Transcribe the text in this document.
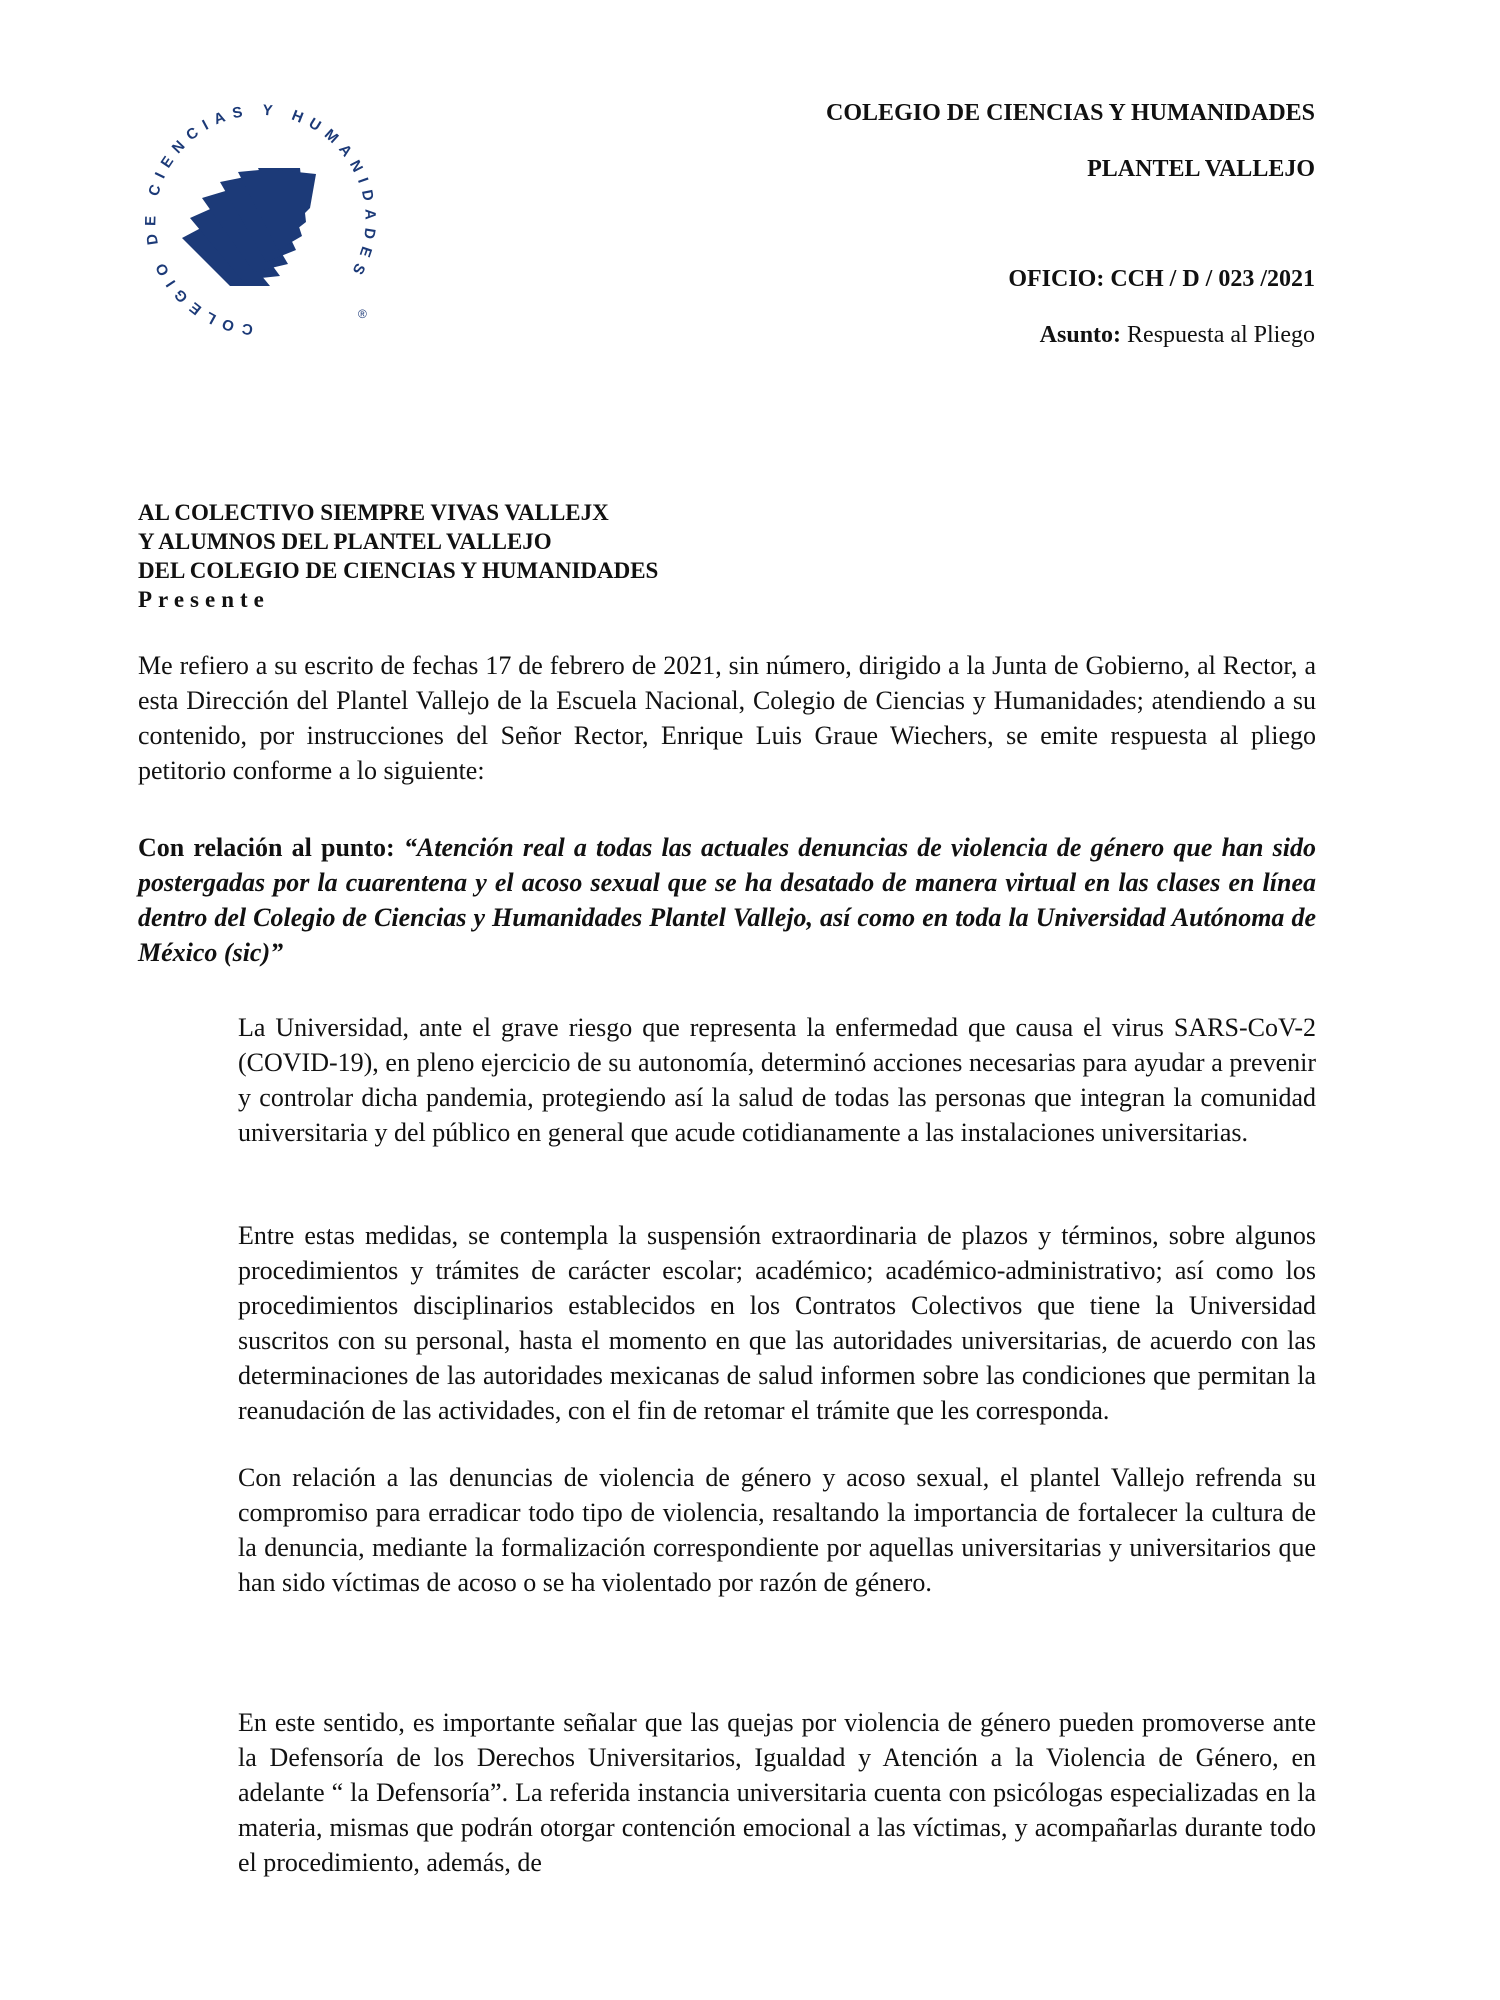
COLEGIO DE CIENCIAS Y HUMANIDADES
®
COLEGIO DE CIENCIAS Y HUMANIDADES
PLANTEL VALLEJO
OFICIO: CCH / D / 023 /2021
Asunto: Respuesta al Pliego
AL COLECTIVO SIEMPRE VIVAS VALLEJX
Y ALUMNOS DEL PLANTEL VALLEJO
DEL COLEGIO DE CIENCIAS Y HUMANIDADES
Presente
Me refiero a su escrito de fechas 17 de febrero de 2021, sin número, dirigido a la Junta de Gobierno, al Rector, a esta Dirección del Plantel Vallejo de la Escuela Nacional, Colegio de Ciencias y Humanidades; atendiendo a su contenido, por instrucciones del Señor Rector, Enrique Luis Graue Wiechers, se emite respuesta al pliego petitorio conforme a lo siguiente:
Con relación al punto: “Atención real a todas las actuales denuncias de violencia de género que han sido postergadas por la cuarentena y el acoso sexual que se ha desatado de manera virtual en las clases en línea dentro del Colegio de Ciencias y Humanidades Plantel Vallejo, así como en toda la Universidad Autónoma de México (sic)”
La Universidad, ante el grave riesgo que representa la enfermedad que causa el virus SARS-CoV-2 (COVID-19), en pleno ejercicio de su autonomía, determinó acciones necesarias para ayudar a prevenir y controlar dicha pandemia, protegiendo así la salud de todas las personas que integran la comunidad universitaria y del público en general que acude cotidianamente a las instalaciones universitarias.
Entre estas medidas, se contempla la suspensión extraordinaria de plazos y términos, sobre algunos procedimientos y trámites de carácter escolar; académico; académico-administrativo; así como los procedimientos disciplinarios establecidos en los Contratos Colectivos que tiene la Universidad suscritos con su personal, hasta el momento en que las autoridades universitarias, de acuerdo con las determinaciones de las autoridades mexicanas de salud informen sobre las condiciones que permitan la reanudación de las actividades, con el fin de retomar el trámite que les corresponda.
Con relación a las denuncias de violencia de género y acoso sexual, el plantel Vallejo refrenda su compromiso para erradicar todo tipo de violencia, resaltando la importancia de fortalecer la cultura de la denuncia, mediante la formalización correspondiente por aquellas universitarias y universitarios que han sido víctimas de acoso o se ha violentado por razón de género.
En este sentido, es importante señalar que las quejas por violencia de género pueden promoverse ante la Defensoría de los Derechos Universitarios, Igualdad y Atención a la Violencia de Género, en adelante “ la Defensoría”. La referida instancia universitaria cuenta con psicólogas especializadas en la materia, mismas que podrán otorgar contención emocional a las víctimas, y acompañarlas durante todo el procedimiento, además, de
